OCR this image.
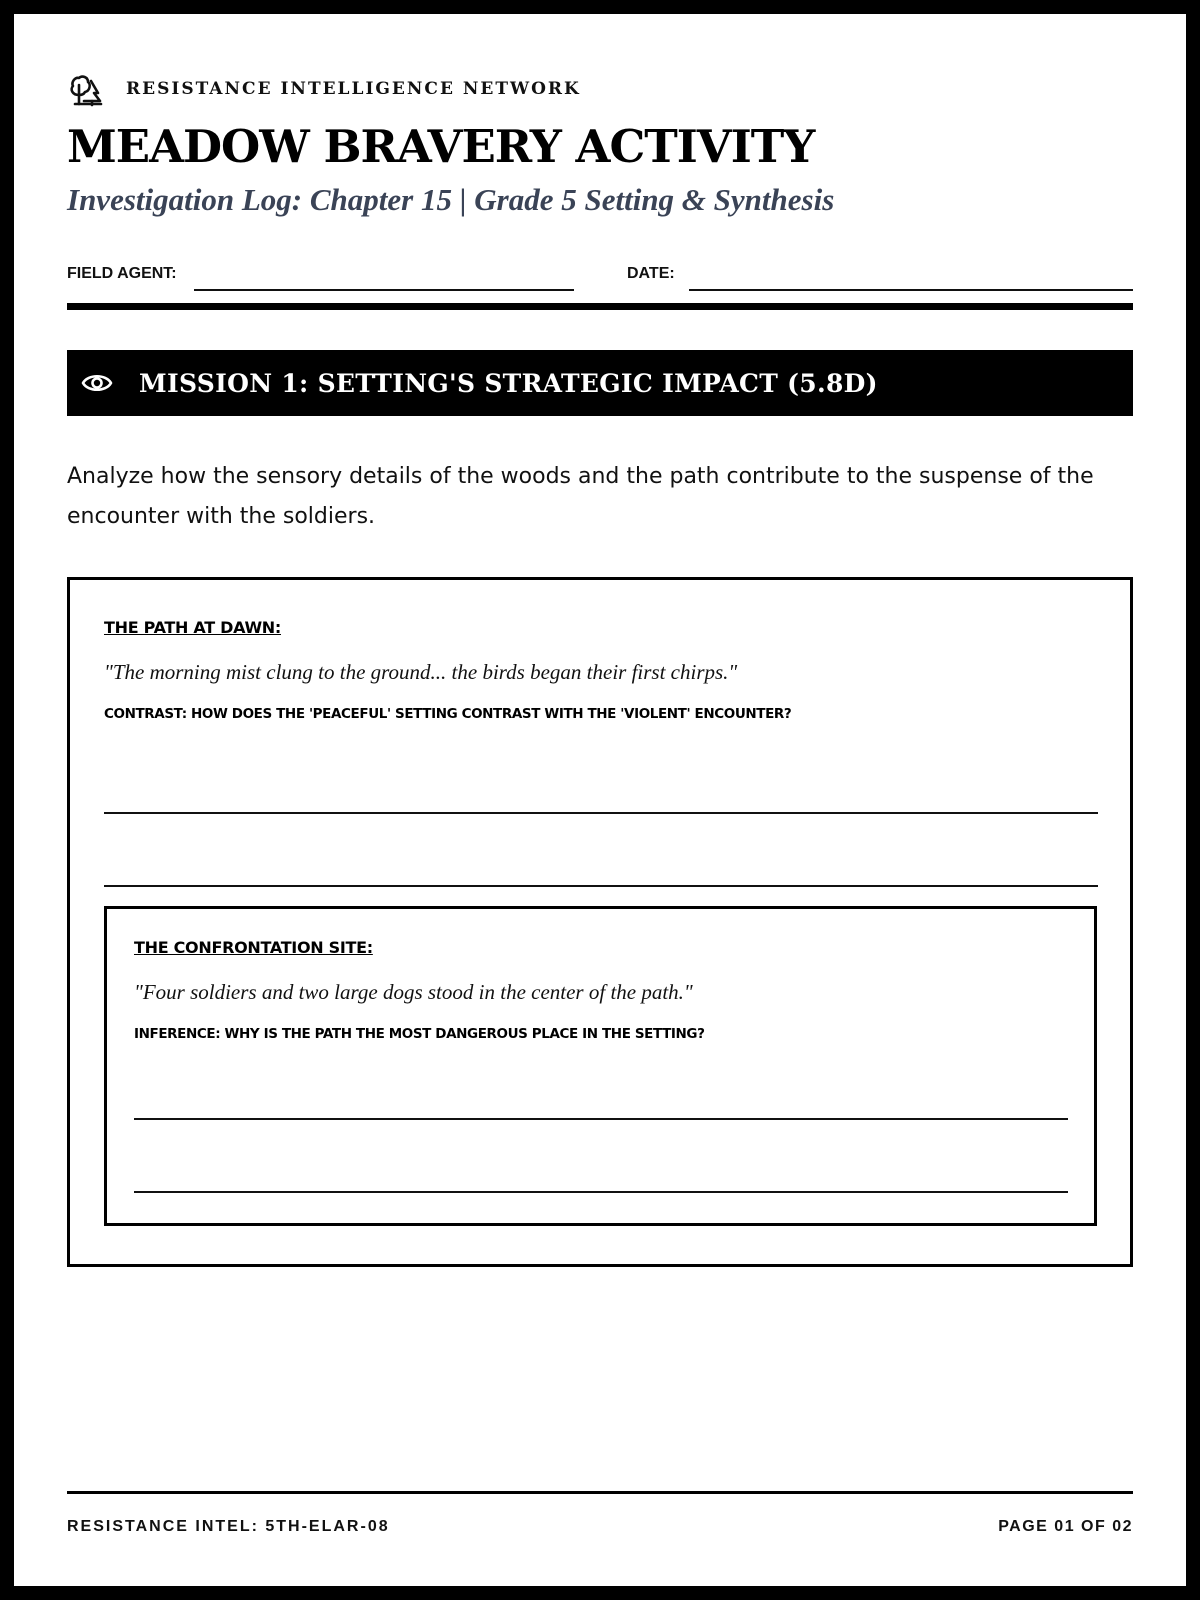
RESISTANCE INTELLIGENCE NETWORK
MEADOW BRAVERY ACTIVITY
Investigation Log: Chapter 15 | Grade 5 Setting & Synthesis
FIELD AGENT:	DATE:
MISSION 1: SETTING'S STRATEGIC IMPACT (5.8D)
Analyze how the sensory details of the woods and the path contribute to the suspense of the encounter with the soldiers.
THE PATH AT DAWN:
"The morning mist clung to the ground... the birds began their first chirps."
CONTRAST: HOW DOES THE 'PEACEFUL' SETTING CONTRAST WITH THE 'VIOLENT' ENCOUNTER?
THE CONFRONTATION SITE:
"Four soldiers and two large dogs stood in the center of the path."
INFERENCE: WHY IS THE PATH THE MOST DANGEROUS PLACE IN THE SETTING?
RESISTANCE INTEL: 5TH-ELAR-08	PAGE 01 OF 02
